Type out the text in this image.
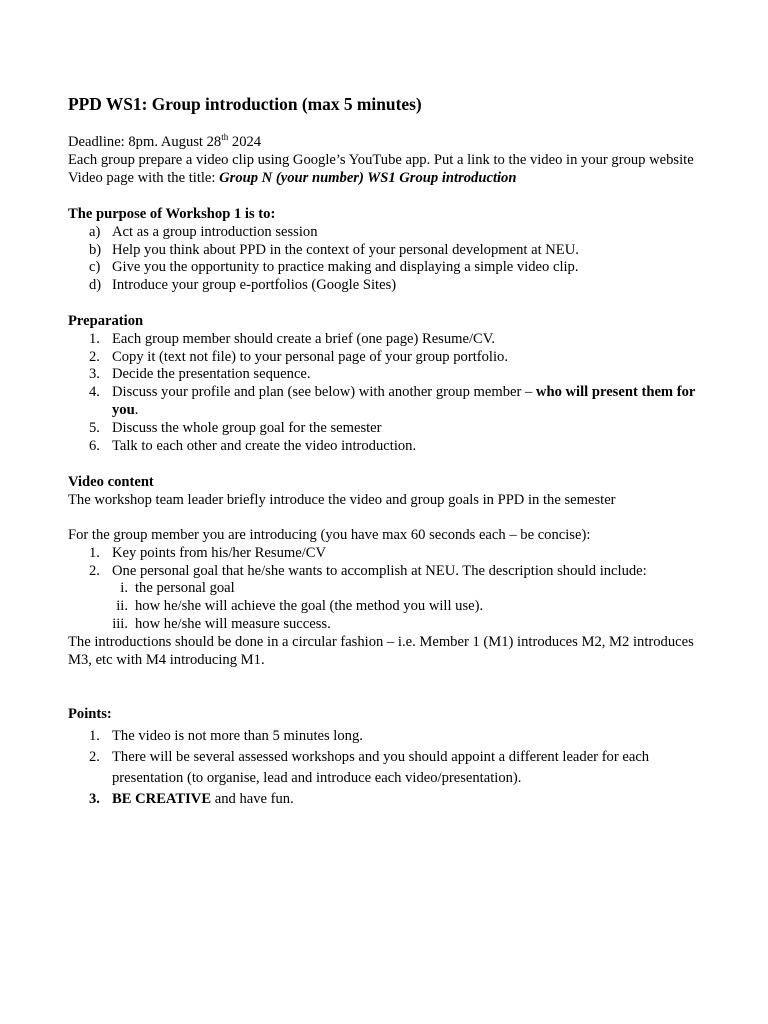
PPD WS1: Group introduction (max 5 minutes)

Deadline: 8pm. August 28th 2024

Each group prepare a video clip using Google’s YouTube app. Put a link to the video in your group website Video page with the title: Group N (your number) WS1 Group introduction

The purpose of Workshop 1 is to:

a) Act as a group introduction session
b) Help you think about PPD in the context of your personal development at NEU.
c) Give you the opportunity to practice making and displaying a simple video clip.
d) Introduce your group e-portfolios (Google Sites)

Preparation

1. Each group member should create a brief (one page) Resume/CV.
2. Copy it (text not file) to your personal page of your group portfolio.
3. Decide the presentation sequence.
4. Discuss your profile and plan (see below) with another group member – who will present them for you.
5. Discuss the whole group goal for the semester
6. Talk to each other and create the video introduction.

Video content

The workshop team leader briefly introduce the video and group goals in PPD in the semester

For the group member you are introducing (you have max 60 seconds each – be concise):

1. Key points from his/her Resume/CV
2. One personal goal that he/she wants to accomplish at NEU. The description should include:
i. the personal goal
ii. how he/she will achieve the goal (the method you will use).
iii. how he/she will measure success.

The introductions should be done in a circular fashion – i.e. Member 1 (M1) introduces M2, M2 introduces M3, etc with M4 introducing M1.

Points:

1. The video is not more than 5 minutes long.
2. There will be several assessed workshops and you should appoint a different leader for each presentation (to organise, lead and introduce each video/presentation).
3. BE CREATIVE and have fun.
